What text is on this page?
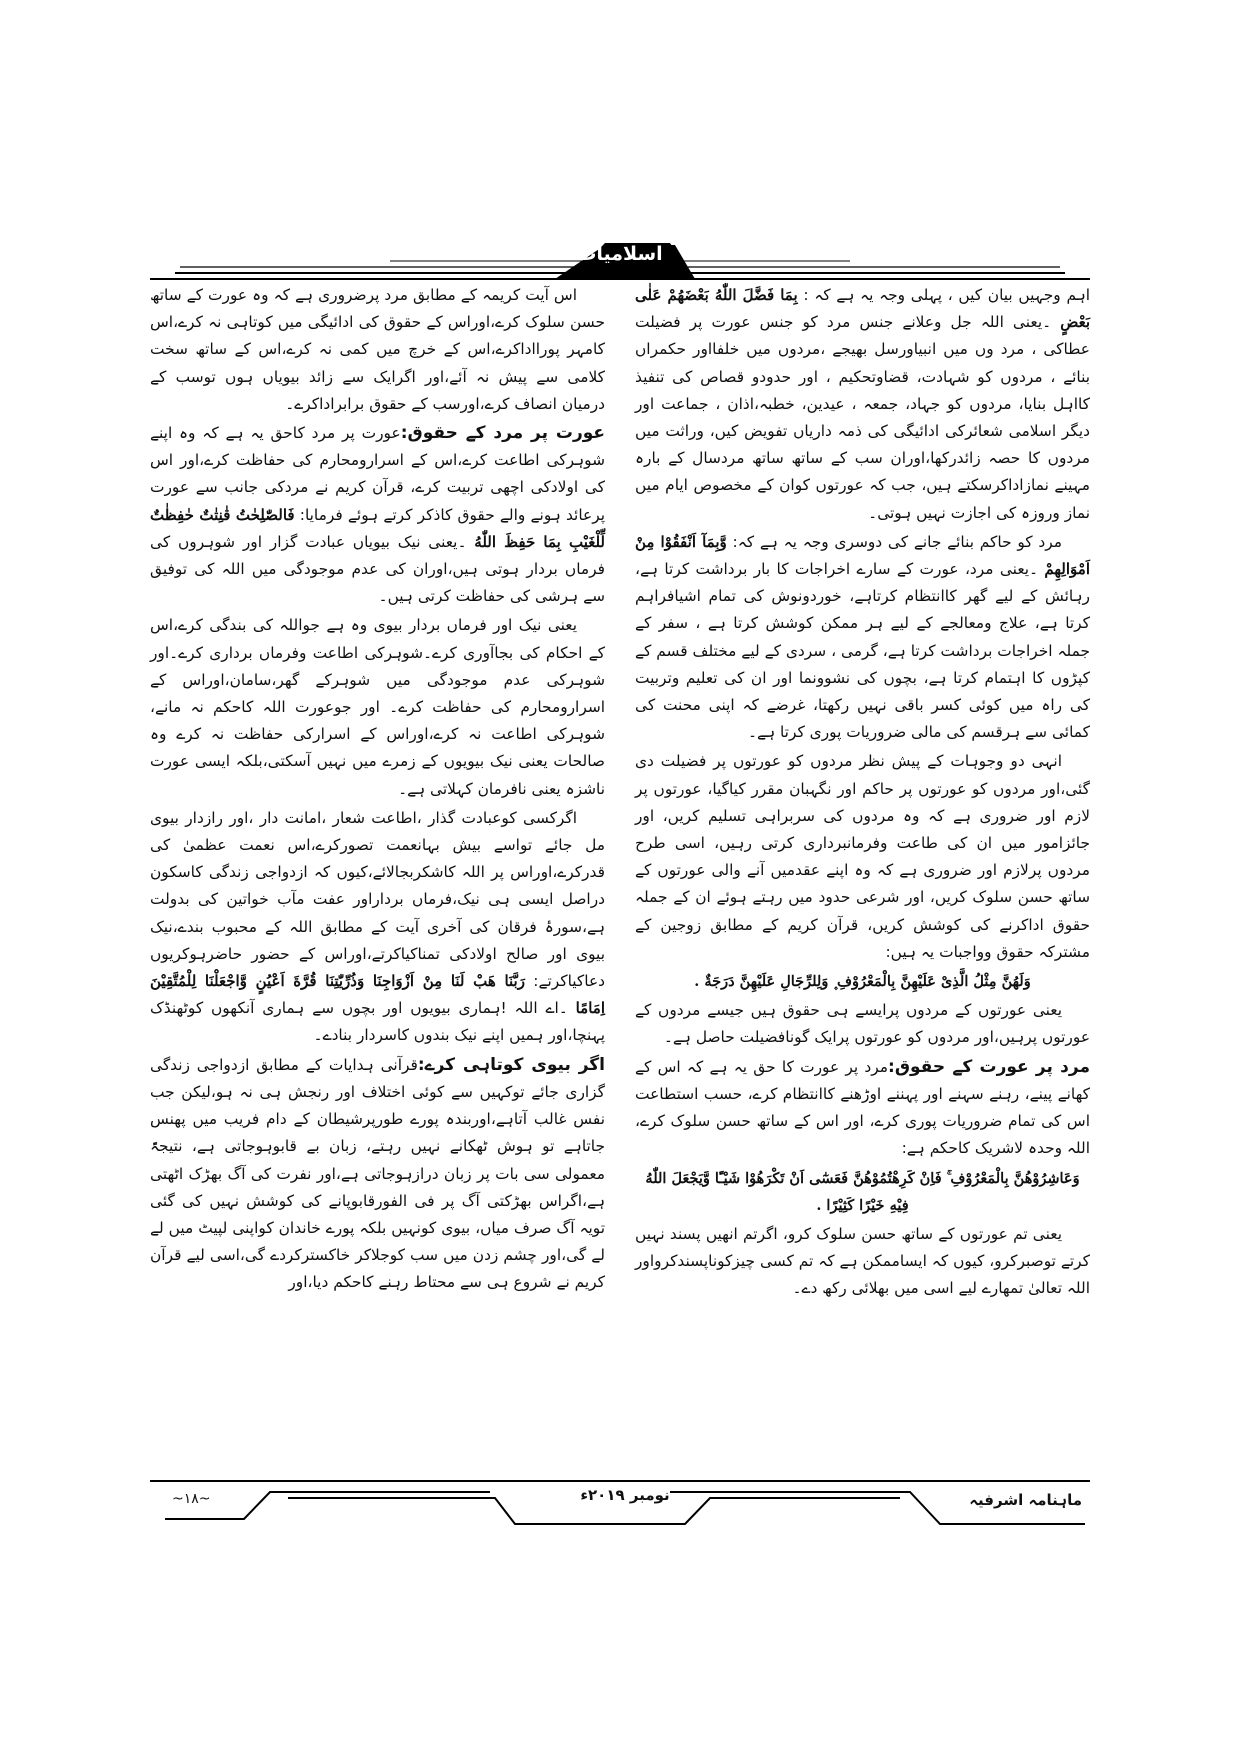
اسلامیات

اہم وجہیں بیان کیں ، پہلی وجہ یہ ہے کہ : بِمَا فَضَّلَ اللّٰهُ بَعْضَهُمْ عَلٰى بَعْضٍ ۔یعنی اللہ جل وعلانے جنس مرد کو جنس عورت پر فضیلت عطاکی ، مرد وں میں انبیاورسل بھیجے ،مردوں میں خلفااور حکمراں بنائے ، مردوں کو شہادت، قضاوتحکیم ، اور حدودو قصاص کی تنفیذ کااہل بنایا، مردوں کو جہاد، جمعہ ، عیدین، خطبہ،اذان ، جماعت اور دیگر اسلامی شعائرکی ادائیگی کی ذمہ داریاں تفویض کیں، وراثت میں مردوں کا حصہ زائدرکھا،اوران سب کے ساتھ ساتھ مردسال کے بارہ مہینے نمازاداکرسکتے ہیں، جب کہ عورتوں کوان کے مخصوص ایام میں نماز وروزہ کی اجازت نہیں ہوتی۔

مرد کو حاکم بنائے جانے کی دوسری وجہ یہ ہے کہ: وَّبِمَآ اَنْفَقُوْا مِنْ اَمْوَالِهِمْ ۔یعنی مرد، عورت کے سارے اخراجات کا بار برداشت کرتا ہے، رہائش کے لیے گھر کاانتظام کرتاہے، خوردونوش کی تمام اشیافراہم کرتا ہے، علاج ومعالجے کے لیے ہر ممکن کوشش کرتا ہے ، سفر کے جملہ اخراجات برداشت کرتا ہے، گرمی ، سردی کے لیے مختلف قسم کے کپڑوں کا اہتمام کرتا ہے، بچوں کی نشوونما اور ان کی تعلیم وتربیت کی راہ میں کوئی کسر باقی نہیں رکھتا، غرضے کہ اپنی محنت کی کمائی سے ہرقسم کی مالی ضروریات پوری کرتا ہے۔

انہی دو وجوہات کے پیش نظر مردوں کو عورتوں پر فضیلت دی گئی،اور مردوں کو عورتوں پر حاکم اور نگہبان مقرر کیاگیا، عورتوں پر لازم اور ضروری ہے کہ وہ مردوں کی سربراہی تسلیم کریں، اور جائزامور میں ان کی طاعت وفرمانبرداری کرتی رہیں، اسی طرح مردوں پرلازم اور ضروری ہے کہ وہ اپنے عقدمیں آنے والی عورتوں کے ساتھ حسن سلوک کریں، اور شرعی حدود میں رہتے ہوئے ان کے جملہ حقوق اداکرنے کی کوشش کریں، قرآن کریم کے مطابق زوجین کے مشترکہ حقوق وواجبات یہ ہیں:

وَلَهُنَّ مِثْلُ الَّذِىْ عَلَيْهِنَّ بِالْمَعْرُوْفِ ۪ وَلِلرِّجَالِ عَلَيْهِنَّ دَرَجَةٌ .

یعنی عورتوں کے مردوں پرایسے ہی حقوق ہیں جیسے مردوں کے عورتوں پرہیں،اور مردوں کو عورتوں پرایک گونافضیلت حاصل ہے۔

مرد پر عورت کے حقوق:مرد پر عورت کا حق یہ ہے کہ اس کے کھانے پینے، رہنے سہنے اور پہننے اوڑھنے کاانتظام کرے، حسب استطاعت اس کی تمام ضروریات پوری کرے، اور اس کے ساتھ حسن سلوک کرے، اللہ وحدہ لاشریک کاحکم ہے:

وَعَاشِرُوْهُنَّ بِالْمَعْرُوْفِ ۚ فَاِنْ كَرِهْتُمُوْهُنَّ فَعَسٰٓى اَنْ تَكْرَهُوْا شَيْـًٔا وَّيَجْعَلَ اللّٰهُ فِيْهِ خَيْرًا كَثِيْرًا .

یعنی تم عورتوں کے ساتھ حسن سلوک کرو، اگرتم انھیں پسند نہیں کرتے توصبرکرو، کیوں کہ ایساممکن ہے کہ تم کسی چیزکوناپسندکرواور اللہ تعالیٰ تمھارے لیے اسی میں بھلائی رکھ دے۔

اس آیت کریمہ کے مطابق مرد پرضروری ہے کہ وہ عورت کے ساتھ حسن سلوک کرے،اوراس کے حقوق کی ادائیگی میں کوتاہی نہ کرے،اس کامہر پورااداکرے،اس کے خرچ میں کمی نہ کرے،اس کے ساتھ سخت کلامی سے پیش نہ آئے،اور اگرایک سے زائد بیویاں ہوں توسب کے درمیان انصاف کرے،اورسب کے حقوق برابراداکرے۔

عورت پر مرد کے حقوق:عورت پر مرد کاحق یہ ہے کہ وہ اپنے شوہرکی اطاعت کرے،اس کے اسرارومحارم کی حفاظت کرے،اور اس کی اولادکی اچھی تربیت کرے، قرآن کریم نے مردکی جانب سے عورت پرعائد ہونے والے حقوق کاذکر کرتے ہوئے فرمایا: فَالصّٰلِحٰتُ قٰنِتٰتٌ حٰفِظٰتٌ لِّلْغَيْبِ بِمَا حَفِظَ اللّٰهُ ۔یعنی نیک بیویاں عبادت گزار اور شوہروں کی فرماں بردار ہوتی ہیں،اوران کی عدم موجودگی میں اللہ کی توفیق سے ہرشی کی حفاظت کرتی ہیں۔

یعنی نیک اور فرماں بردار بیوی وہ ہے جواللہ کی بندگی کرے،اس کے احکام کی بجاآوری کرے۔شوہرکی اطاعت وفرماں برداری کرے۔اور شوہرکی عدم موجودگی میں شوہرکے گھر،سامان،اوراس کے اسرارومحارم کی حفاظت کرے۔ اور جوعورت اللہ کاحکم نہ مانے، شوہرکی اطاعت نہ کرے،اوراس کے اسرارکی حفاظت نہ کرے وہ صالحات یعنی نیک بیویوں کے زمرے میں نہیں آسکتی،بلکہ ایسی عورت ناشزہ یعنی نافرمان کہلاتی ہے۔

اگرکسی کوعبادت گذار ،اطاعت شعار ،امانت دار ،اور رازدار بیوی مل جائے تواسے بیش بہانعمت تصورکرے،اس نعمت عظمیٰ کی قدرکرے،اوراس پر اللہ کاشکربجالائے،کیوں کہ ازدواجی زندگی کاسکون دراصل ایسی ہی نیک،فرماں برداراور عفت مآب خواتین کی بدولت ہے،سورۂ فرقان کی آخری آیت کے مطابق اللہ کے محبوب بندے،نیک بیوی اور صالح اولادکی تمناکیاکرتے،اوراس کے حضور حاضرہوکریوں دعاکیاکرتے: رَبَّنَا هَبْ لَنَا مِنْ اَزْوَاجِنَا وَذُرِّيّٰتِنَا قُرَّةَ اَعْيُنٍ وَّاجْعَلْنَا لِلْمُتَّقِيْنَ اِمَامًا ۔اے اللہ !ہماری بیویوں اور بچوں سے ہماری آنکھوں کوٹھنڈک پہنچا،اور ہمیں اپنے نیک بندوں کاسردار بنادے۔

اگر بیوی کوتاہی کرے:قرآنی ہدایات کے مطابق ازدواجی زندگی گزاری جائے توکہیں سے کوئی اختلاف اور رنجش ہی نہ ہو،لیکن جب نفس غالب آتاہے،اوربندہ پورے طورپرشیطان کے دام فریب میں پھنس جاتاہے تو ہوش ٹھکانے نہیں رہتے، زبان بے قابوہوجاتی ہے، نتیجۃً معمولی سی بات پر زبان درازہوجاتی ہے،اور نفرت کی آگ بھڑک اٹھتی ہے،اگراس بھڑکتی آگ پر فی الفورقابوپانے کی کوشش نہیں کی گئی تویہ آگ صرف میاں، بیوی کونہیں بلکہ پورے خاندان کواپنی لپیٹ میں لے لے گی،اور چشم زدن میں سب کوجلاکر خاکسترکردے گی،اسی لیے قرآن کریم نے شروع ہی سے محتاط رہنے کاحکم دیا،اور

ماہنامہ اشرفیہ
نومبر ۲۰۱۹ء
~۱۸~
